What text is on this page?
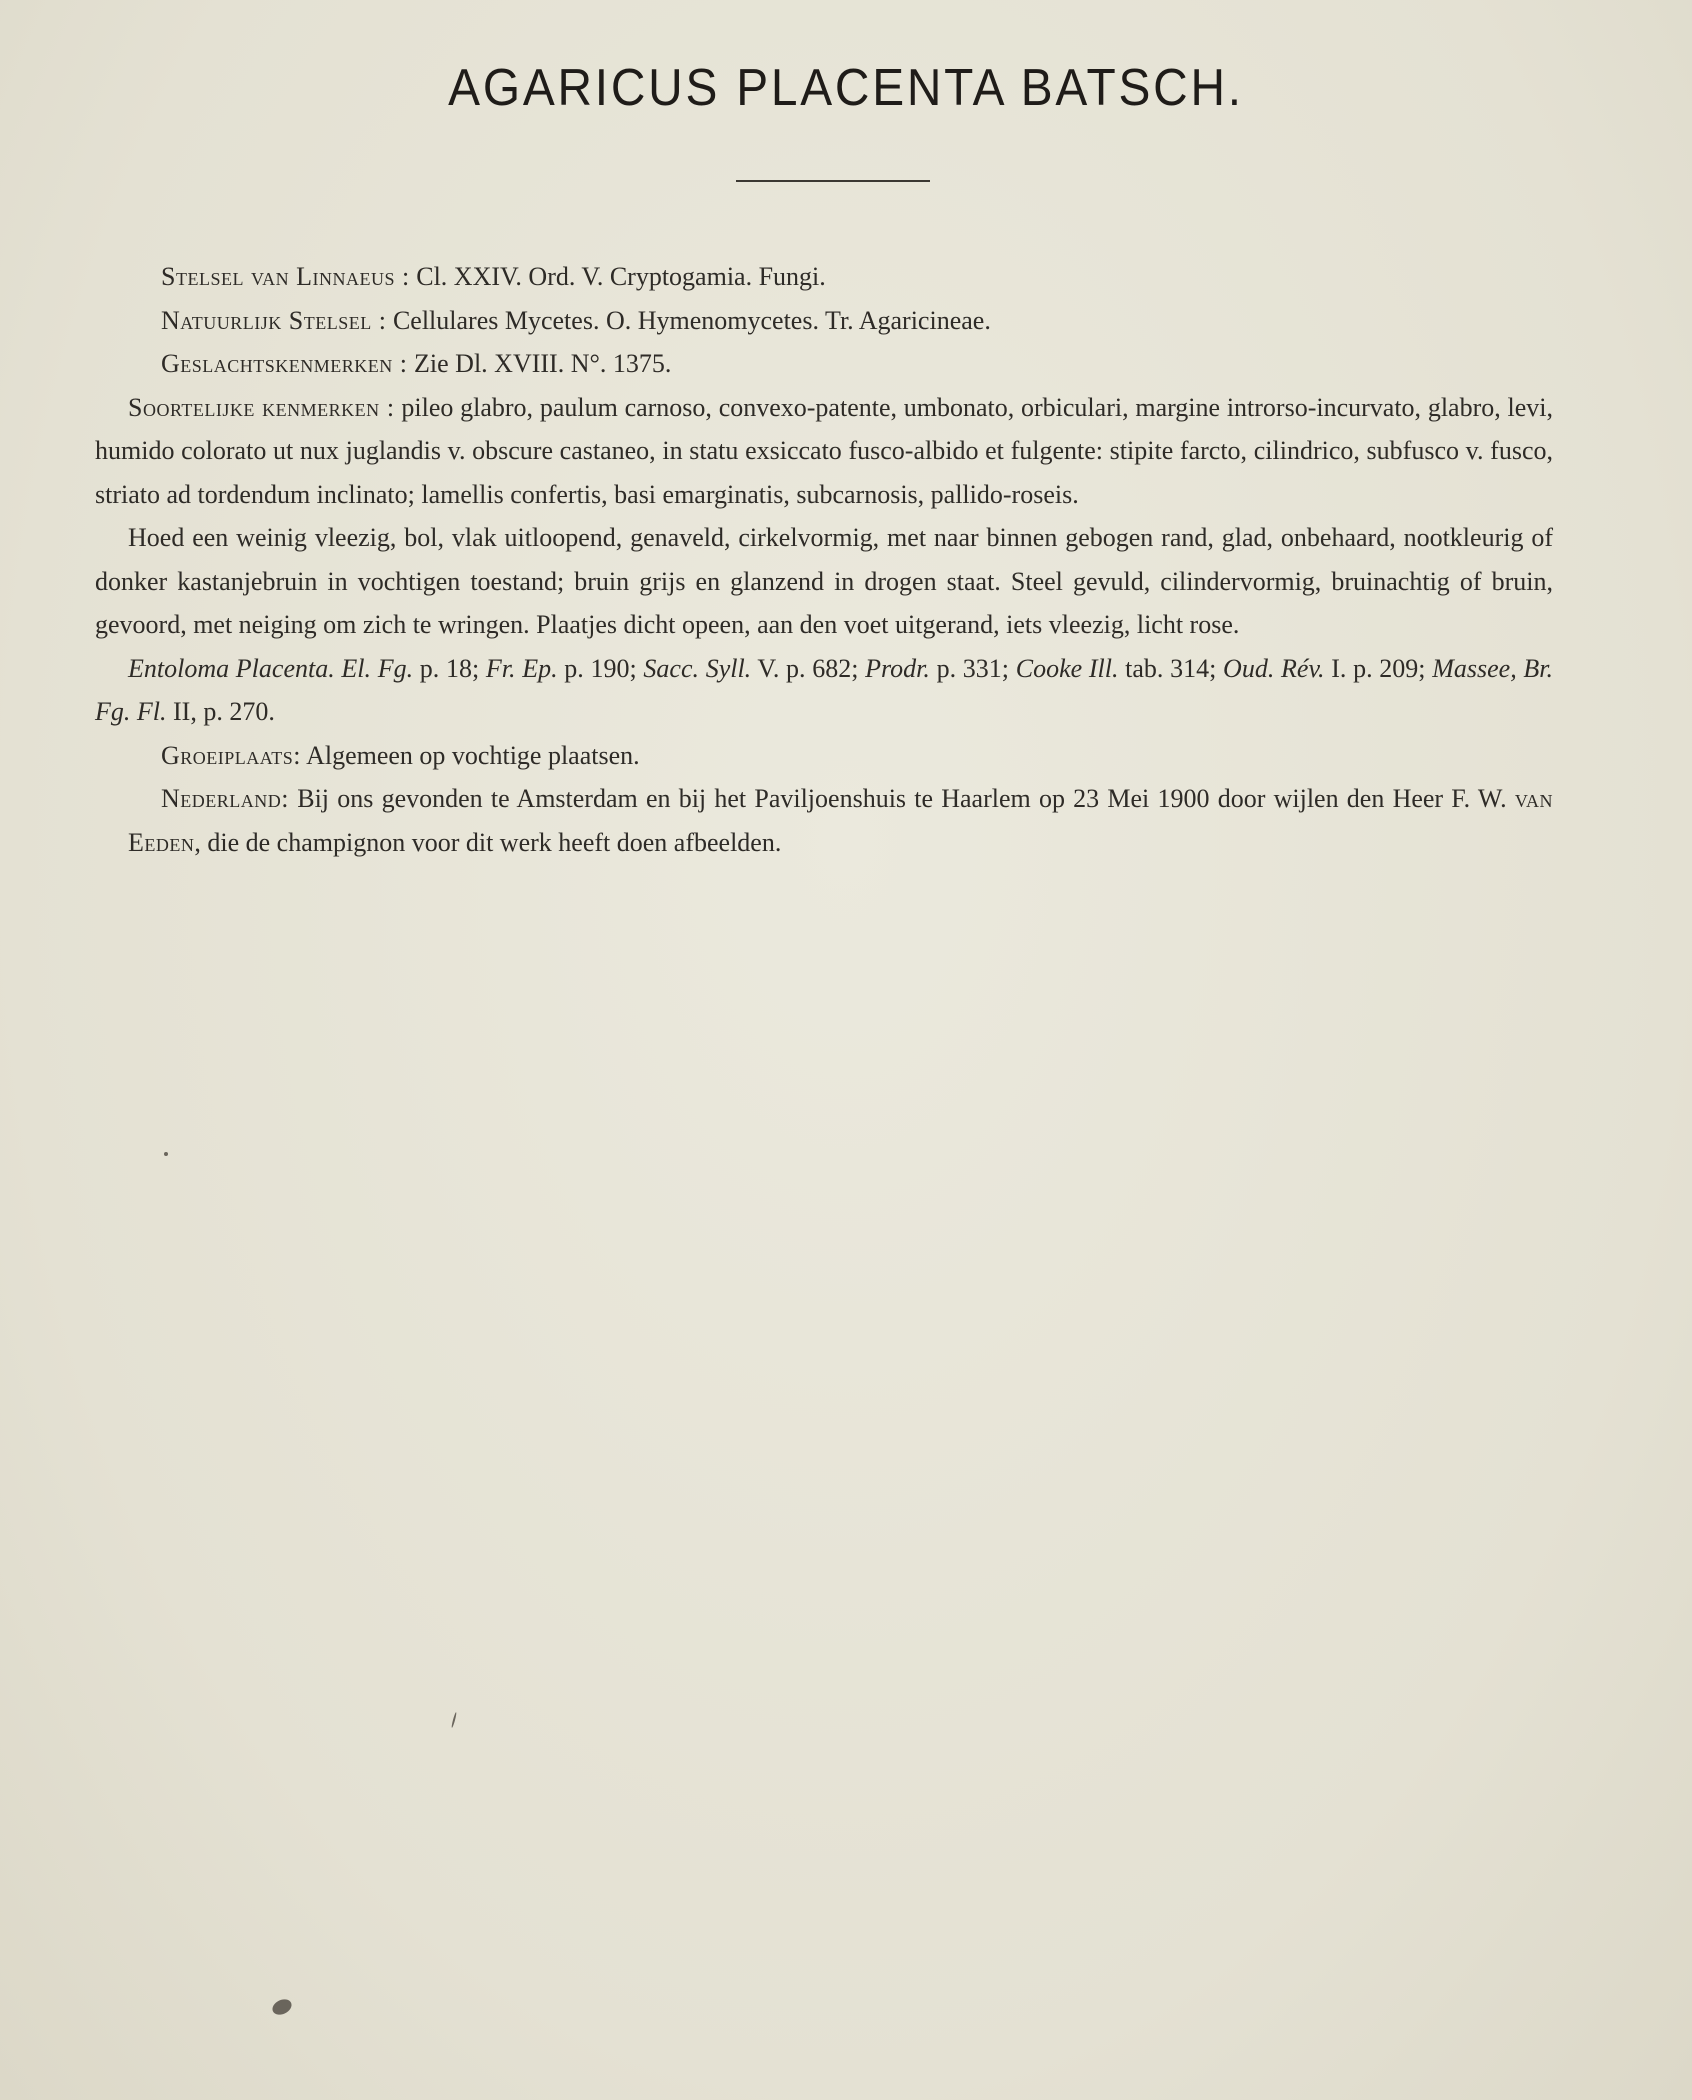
AGARICUS PLACENTA BATSCH.

Stelsel van Linnaeus : Cl. XXIV. Ord. V. Cryptogamia. Fungi.

Natuurlijk Stelsel : Cellulares Mycetes. O. Hymenomycetes. Tr. Agaricineae.

Geslachtskenmerken : Zie Dl. XVIII. N°. 1375.

Soortelijke kenmerken : pileo glabro, paulum carnoso, convexo-patente, umbonato, orbiculari, margine introrso-incurvato, glabro, levi, humido colorato ut nux juglandis v. obscure castaneo, in statu exsiccato fusco-albido et fulgente: stipite farcto, cilindrico, subfusco v. fusco, striato ad tordendum inclinato; lamellis confertis, basi emarginatis, subcarnosis, pallido-roseis.

Hoed een weinig vleezig, bol, vlak uitloopend, genaveld, cirkelvormig, met naar binnen gebogen rand, glad, onbehaard, nootkleurig of donker kastanjebruin in vochtigen toestand; bruin grijs en glanzend in drogen staat. Steel gevuld, cilindervormig, bruinachtig of bruin, gevoord, met neiging om zich te wringen. Plaatjes dicht opeen, aan den voet uitgerand, iets vleezig, licht rose.

Entoloma Placenta. El. Fg. p. 18; Fr. Ep. p. 190; Sacc. Syll. V. p. 682; Prodr. p. 331; Cooke Ill. tab. 314; Oud. Rév. I. p. 209; Massee, Br. Fg. Fl. II, p. 270.

Groeiplaats: Algemeen op vochtige plaatsen.

Nederland: Bij ons gevonden te Amsterdam en bij het Paviljoenshuis te Haarlem op 23 Mei 1900 door wijlen den Heer F. W. van Eeden, die de champignon voor dit werk heeft doen afbeelden.
